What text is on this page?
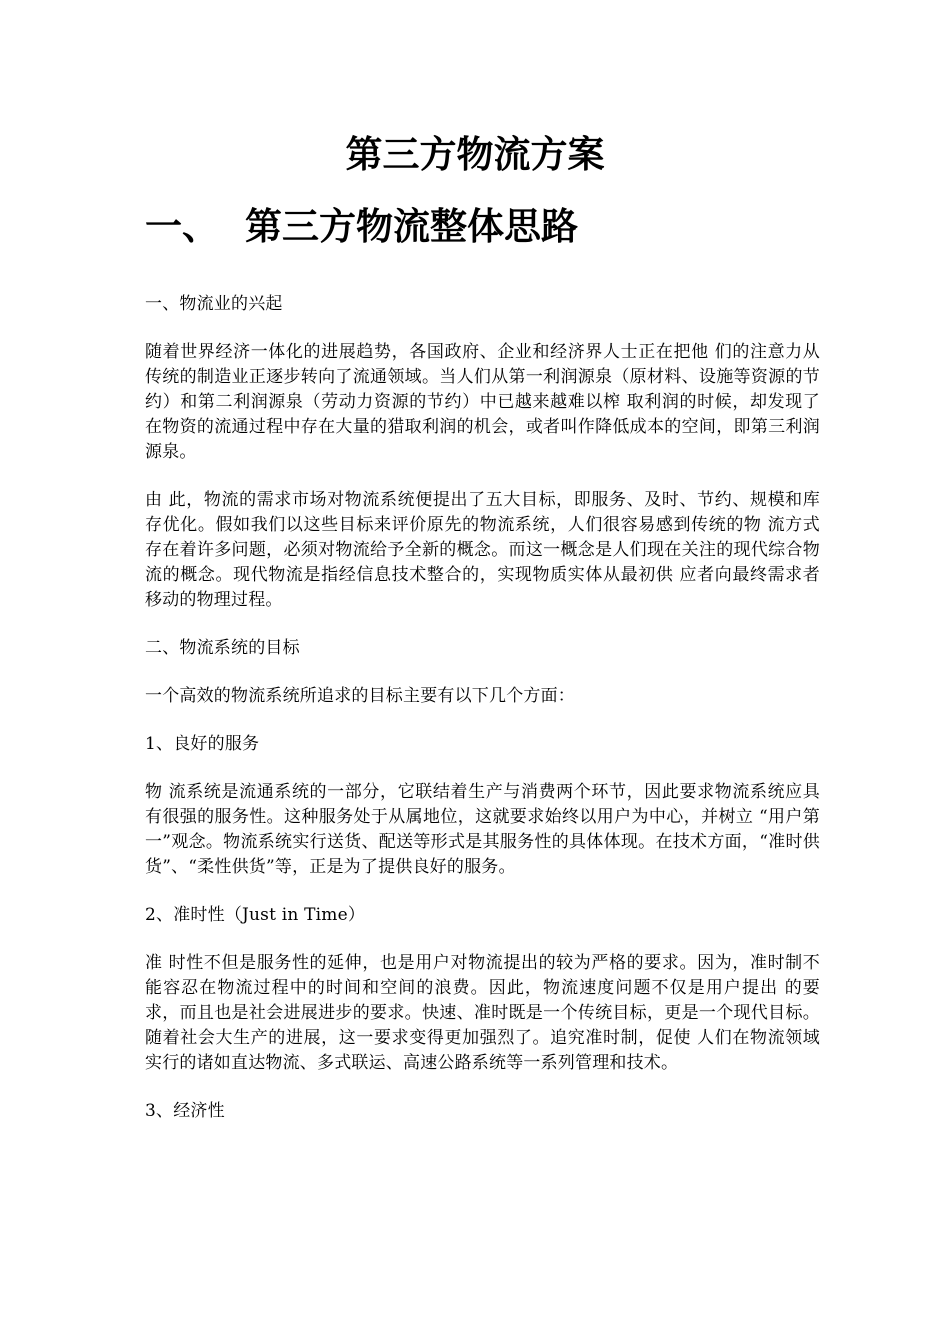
第三方物流方案
一、 第三方物流整体思路

一、物流业的兴起

随着世界经济一体化的进展趋势，各国政府、企业和经济界人士正在把他 们的注意力从传统的制造业正逐步转向了流通领域。当人们从第一利润源泉（原材料、设施等资源的节约）和第二利润源泉（劳动力资源的节约）中已越来越难以榨 取利润的时候，却发现了在物资的流通过程中存在大量的猎取利润的机会，或者叫作降低成本的空间，即第三利润源泉。

由 此，物流的需求市场对物流系统便提出了五大目标，即服务、及时、节约、规模和库存优化。假如我们以这些目标来评价原先的物流系统，人们很容易感到传统的物 流方式存在着许多问题，必须对物流给予全新的概念。而这一概念是人们现在关注的现代综合物流的概念。现代物流是指经信息技术整合的，实现物质实体从最初供 应者向最终需求者移动的物理过程。

二、物流系统的目标

一个高效的物流系统所追求的目标主要有以下几个方面：

1、良好的服务

物 流系统是流通系统的一部分，它联结着生产与消费两个环节，因此要求物流系统应具有很强的服务性。这种服务处于从属地位，这就要求始终以用户为中心，并树立 “用户第一”观念。物流系统实行送货、配送等形式是其服务性的具体体现。在技术方面，“准时供货”、“柔性供货”等，正是为了提供良好的服务。

2、准时性（Just in Time）

准 时性不但是服务性的延伸，也是用户对物流提出的较为严格的要求。因为，准时制不能容忍在物流过程中的时间和空间的浪费。因此，物流速度问题不仅是用户提出 的要求，而且也是社会进展进步的要求。快速、准时既是一个传统目标，更是一个现代目标。随着社会大生产的进展，这一要求变得更加强烈了。追究准时制，促使 人们在物流领域实行的诸如直达物流、多式联运、高速公路系统等一系列管理和技术。

3、经济性
